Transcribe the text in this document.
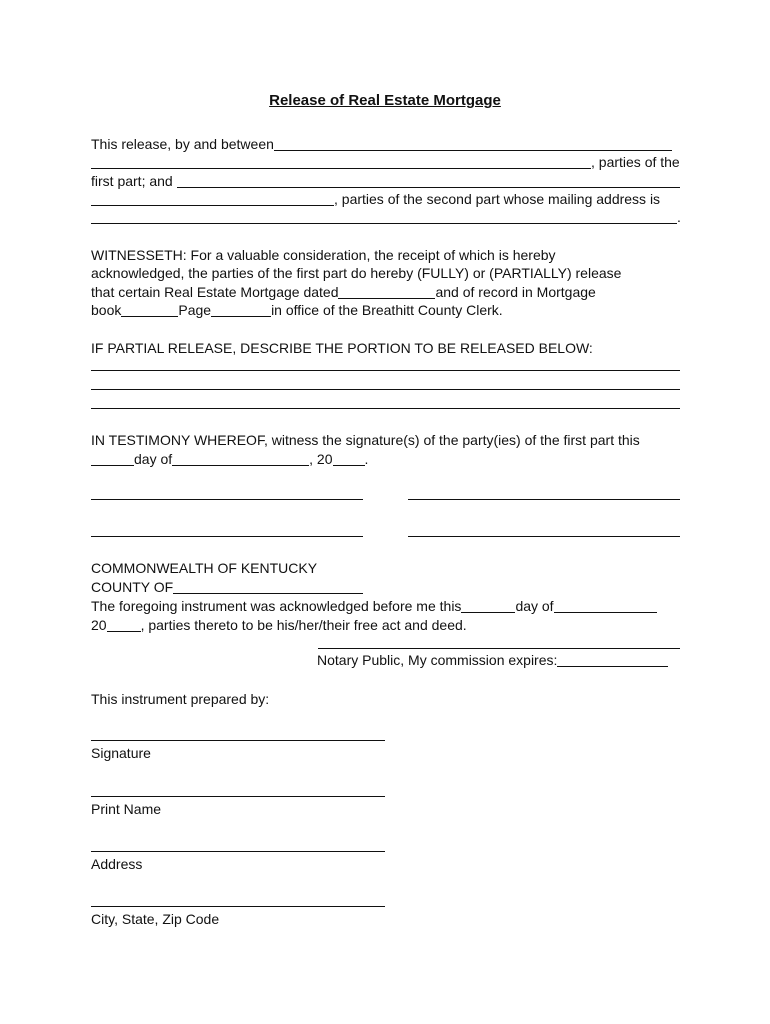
Release of Real Estate Mortgage
This release, by and between
, parties of the
first part; and
, parties of the second part whose mailing address is
.
WITNESSETH: For a valuable consideration, the receipt of which is hereby
acknowledged, the parties of the first part do hereby (FULLY) or (PARTIALLY) release
that certain Real Estate Mortgage dated	and of record in Mortgage
book	Page	in office of the Breathitt County Clerk.
IF PARTIAL RELEASE, DESCRIBE THE PORTION TO BE RELEASED BELOW:
IN TESTIMONY WHEREOF, witness the signature(s) of the party(ies) of the first part this
day of	, 20 .
COMMONWEALTH OF KENTUCKY
COUNTY OF
The foregoing instrument was acknowledged before me this	day of
20 , parties thereto to be his/her/their free act and deed.
Notary Public, My commission expires:
This instrument prepared by:
Signature
Print Name
Address
City, State, Zip Code
